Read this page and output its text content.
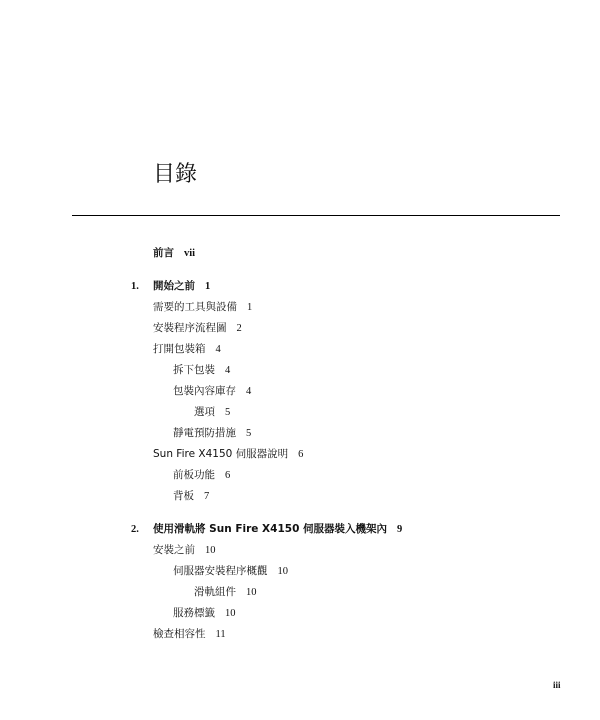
目錄
前言 vii
1. 開始之前 1
需要的工具與設備 1
安裝程序流程圖 2
打開包裝箱 4
拆下包裝 4
包裝內容庫存 4
選項 5
靜電預防措施 5
Sun Fire X4150 伺服器說明 6
前板功能 6
背板 7
2. 使用滑軌將 Sun Fire X4150 伺服器裝入機架內 9
安裝之前 10
伺服器安裝程序概觀 10
滑軌組件 10
服務標籤 10
檢查相容性 11
iii
